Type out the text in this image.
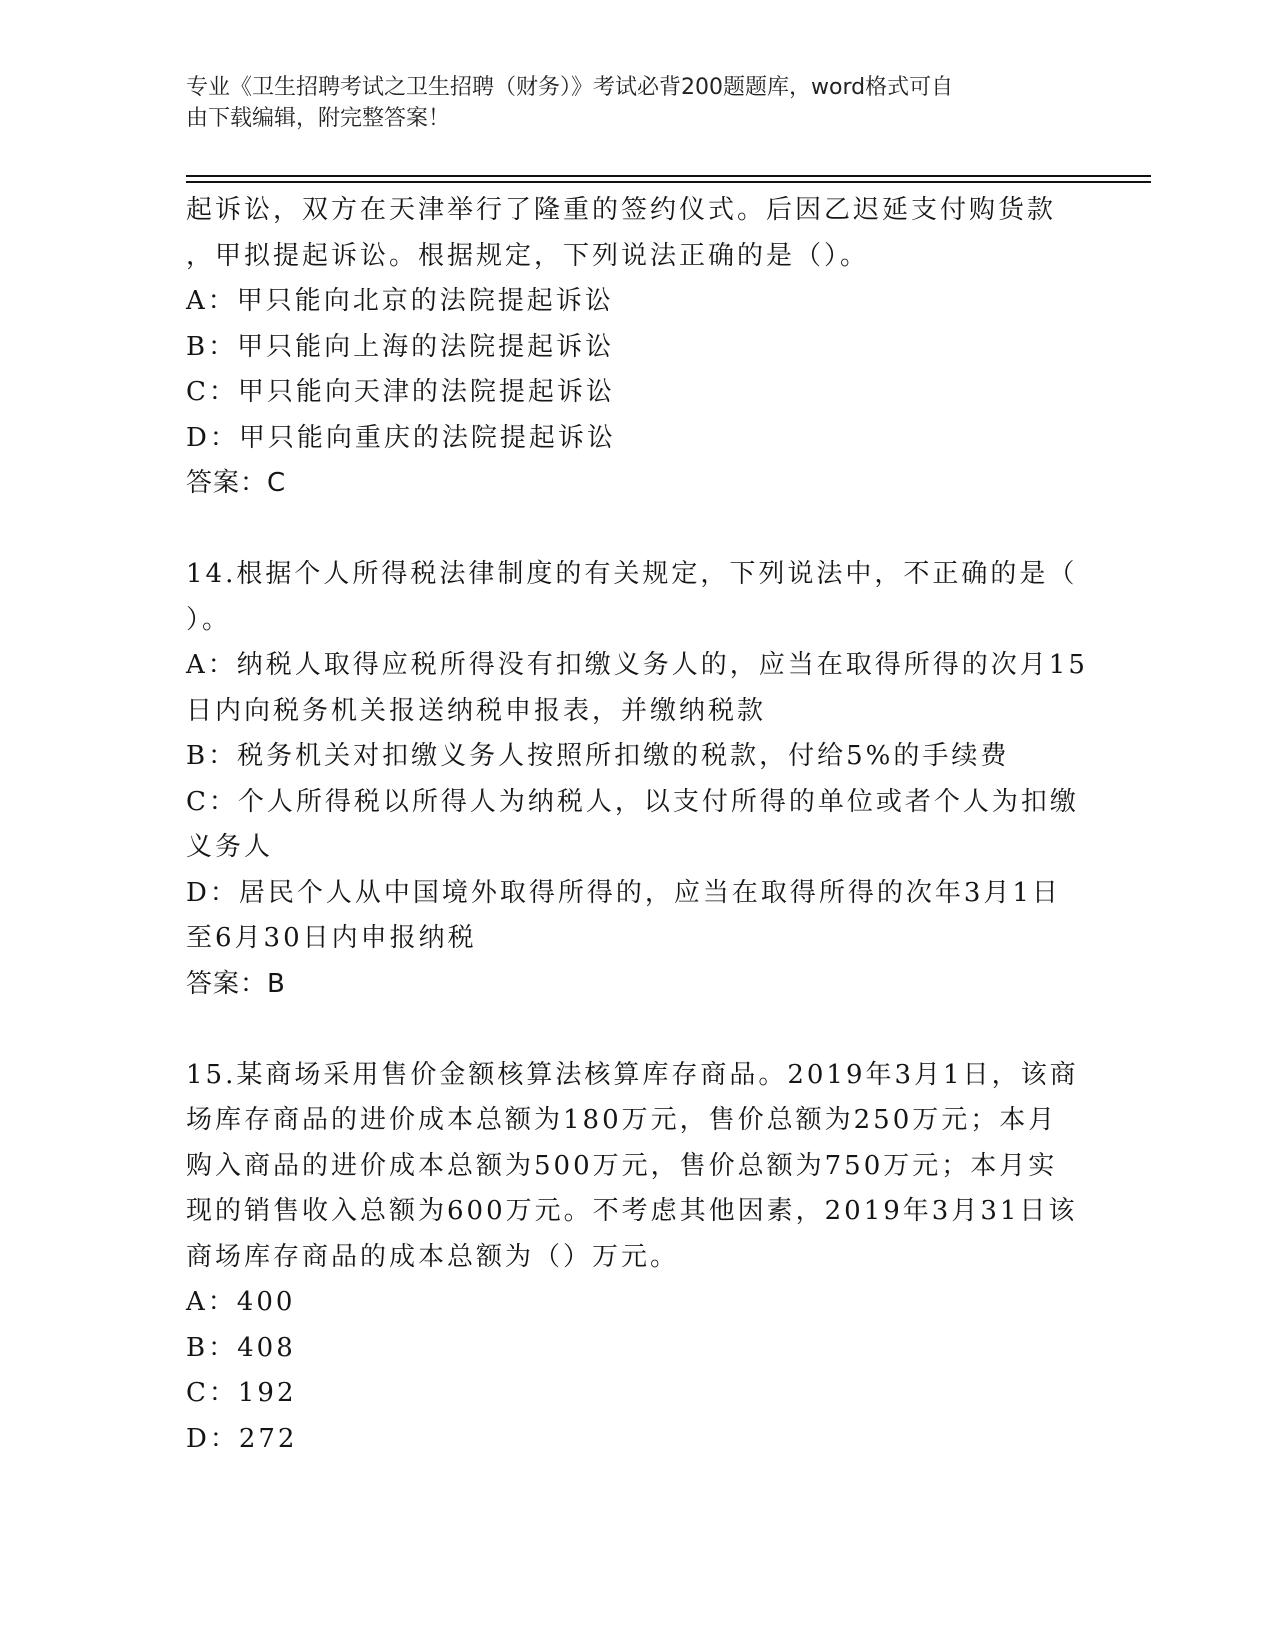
专业《卫生招聘考试之卫生招聘（财务）》考试必背200题题库，word格式可自
由下载编辑，附完整答案！
起诉讼，双方在天津举行了隆重的签约仪式。后因乙迟延支付购货款
，甲拟提起诉讼。根据规定，下列说法正确的是（）。
A：甲只能向北京的法院提起诉讼
B：甲只能向上海的法院提起诉讼
C：甲只能向天津的法院提起诉讼
D：甲只能向重庆的法院提起诉讼
答案：C
14.根据个人所得税法律制度的有关规定，下列说法中，不正确的是（
）。
A：纳税人取得应税所得没有扣缴义务人的，应当在取得所得的次月15
日内向税务机关报送纳税申报表，并缴纳税款
B：税务机关对扣缴义务人按照所扣缴的税款，付给5%的手续费
C：个人所得税以所得人为纳税人，以支付所得的单位或者个人为扣缴
义务人
D：居民个人从中国境外取得所得的，应当在取得所得的次年3月1日
至6月30日内申报纳税
答案：B
15.某商场采用售价金额核算法核算库存商品。2019年3月1日，该商
场库存商品的进价成本总额为180万元，售价总额为250万元；本月
购入商品的进价成本总额为500万元，售价总额为750万元；本月实
现的销售收入总额为600万元。不考虑其他因素，2019年3月31日该
商场库存商品的成本总额为（）万元。
A：400
B：408
C：192
D：272
